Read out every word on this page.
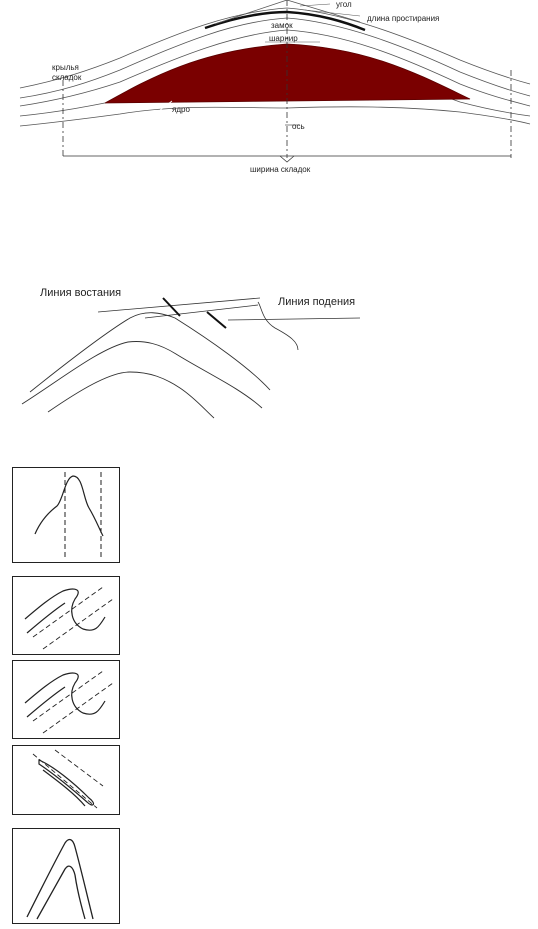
угол
длина простирания
замок
шарнир
крылья складок
ядро
ось
ширина складок
Линия востания
Линия подения
